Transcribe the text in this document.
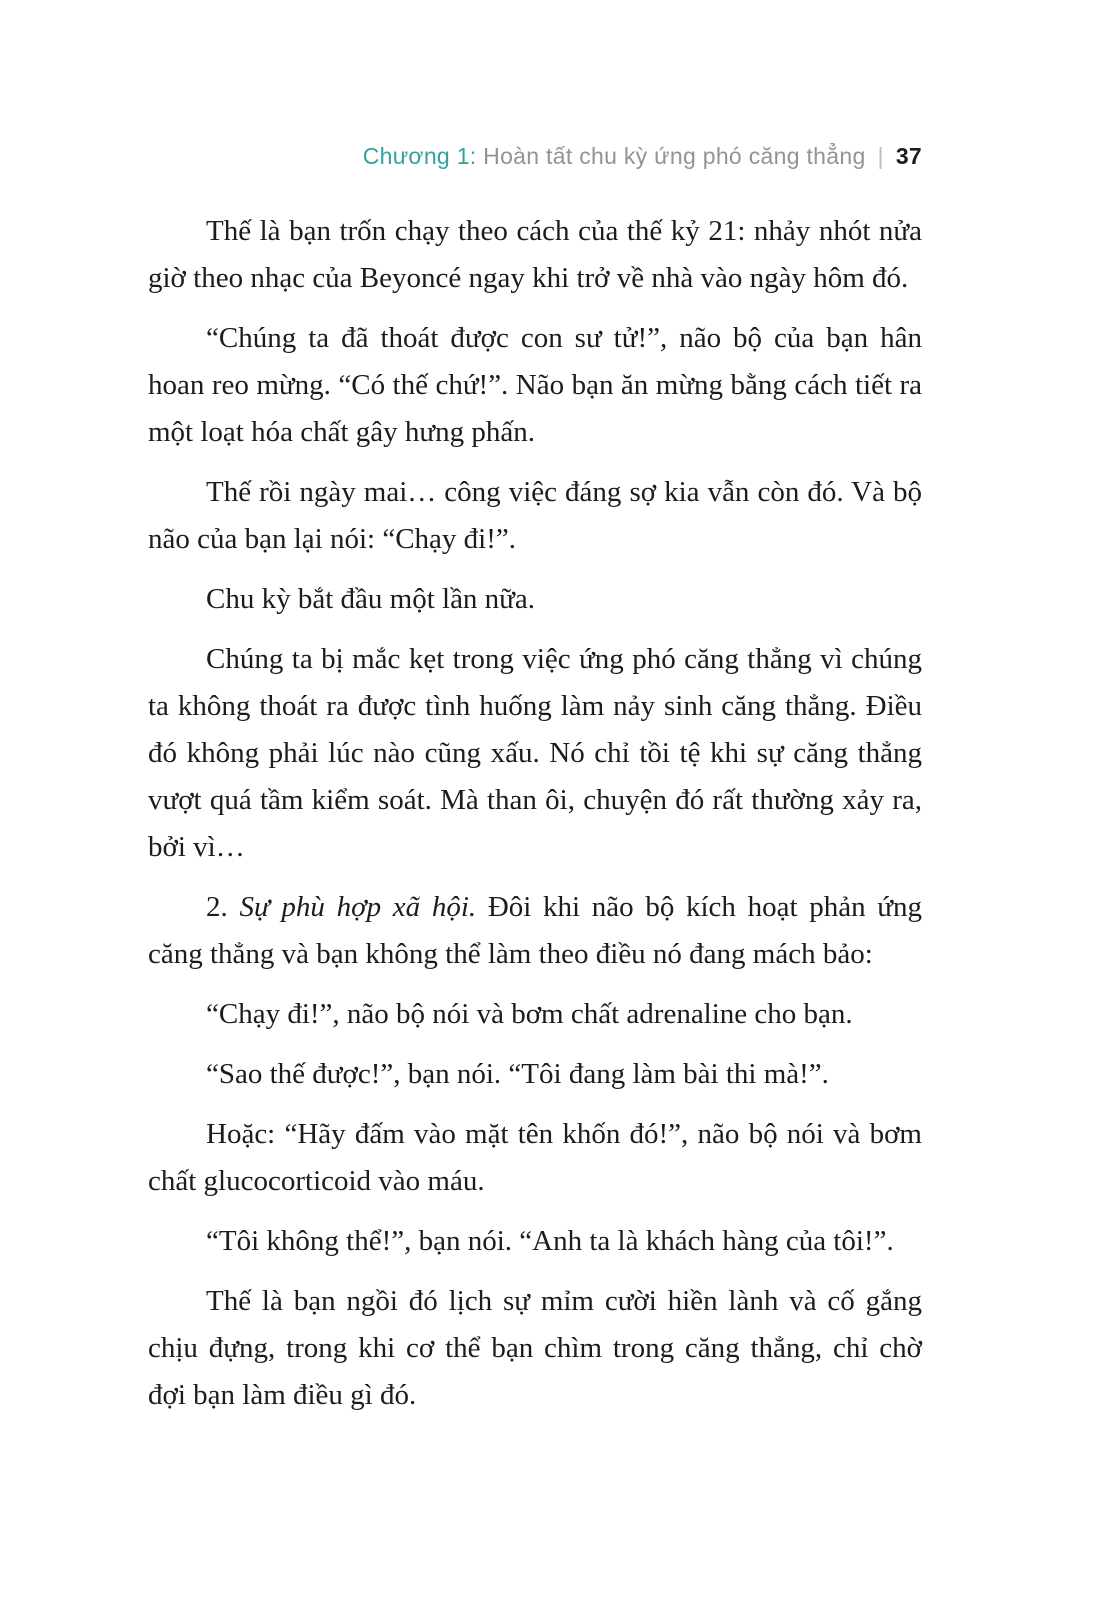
Chương 1: Hoàn tất chu kỳ ứng phó căng thẳng | 37

Thế là bạn trốn chạy theo cách của thế kỷ 21: nhảy nhót nửa giờ theo nhạc của Beyoncé ngay khi trở về nhà vào ngày hôm đó.

“Chúng ta đã thoát được con sư tử!”, não bộ của bạn hân hoan reo mừng. “Có thế chứ!”. Não bạn ăn mừng bằng cách tiết ra một loạt hóa chất gây hưng phấn.

Thế rồi ngày mai… công việc đáng sợ kia vẫn còn đó. Và bộ não của bạn lại nói: “Chạy đi!”.

Chu kỳ bắt đầu một lần nữa.

Chúng ta bị mắc kẹt trong việc ứng phó căng thẳng vì chúng ta không thoát ra được tình huống làm nảy sinh căng thẳng. Điều đó không phải lúc nào cũng xấu. Nó chỉ tồi tệ khi sự căng thẳng vượt quá tầm kiểm soát. Mà than ôi, chuyện đó rất thường xảy ra, bởi vì…

2. Sự phù hợp xã hội. Đôi khi não bộ kích hoạt phản ứng căng thẳng và bạn không thể làm theo điều nó đang mách bảo:

“Chạy đi!”, não bộ nói và bơm chất adrenaline cho bạn.

“Sao thế được!”, bạn nói. “Tôi đang làm bài thi mà!”.

Hoặc: “Hãy đấm vào mặt tên khốn đó!”, não bộ nói và bơm chất glucocorticoid vào máu.

“Tôi không thể!”, bạn nói. “Anh ta là khách hàng của tôi!”.

Thế là bạn ngồi đó lịch sự mỉm cười hiền lành và cố gắng chịu đựng, trong khi cơ thể bạn chìm trong căng thẳng, chỉ chờ đợi bạn làm điều gì đó.
